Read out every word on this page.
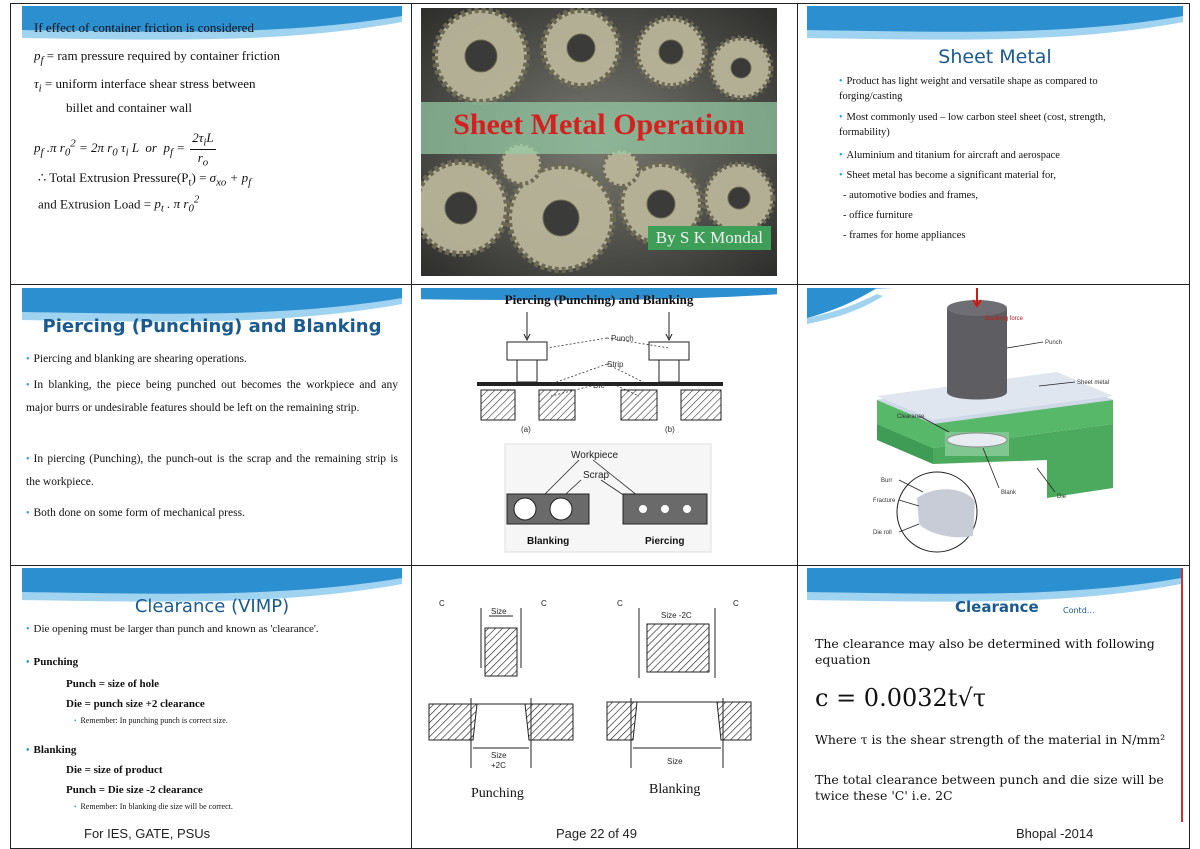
If effect of container friction is considered
$p_f$ = ram pressure required by container friction
$\tau_i$ = uniform interface shear stress between
billet and container wall
$p_f$ .π $r_0^2 = 2\pi$ $r_0$ $\tau_i$ L  or  $p_f$ =
$2\tau_iL$
$r_o$
∴ Total Extrusion $Pressure(P_t) = \sigma_{xo} + p_f$
and Extrusion Load = $p_t$ . π $r_0^2$
Sheet Metal Operation
By S K Mondal
Sheet Metal
• Product has light weight and versatile shape as compared to forging/casting
• Most commonly used – low carbon steel sheet (cost, strength, formability)
• Aluminium and titanium for aircraft and aerospace
• Sheet metal has become a significant material for,
- automotive bodies and frames,
- office furniture
- frames for home appliances
Piercing (Punching) and Blanking
• Piercing and blanking are shearing operations.
• In blanking, the piece being punched out becomes the workpiece and any major burrs or undesirable features should be left on the remaining strip.
• In piercing (Punching), the punch-out is the scrap and the remaining strip is the workpiece.
• Both done on some form of mechanical press.
Piercing (Punching) and Blanking
Punch
Strip
Die
(a)	(b)
Workpiece
Scrap
Blanking	Piercing
Blanking force
Punch
Sheet metal
Clearance
Burr
Fracture
Die roll
Blank
Die
Clearance (VIMP)
• Die opening must be larger than punch and known as 'clearance'.
• Punching
Punch = size of hole
Die = punch size +2 clearance
• Remember: In punching punch is correct size.
• Blanking
Die = size of product
Punch = Die size -2 clearance
• Remember: In blanking die size will be correct.
C	C
Size
Size
+2C
C	C
Size -2C
Size
Punching	Blanking
Clearance	Contd…
The clearance may also be determined with following equation
c = 0.0032t√τ
Where τ is the shear strength of the material in N/mm²
The total clearance between punch and die size will be twice these 'C' i.e. 2C
For IES, GATE, PSUs	Page 22 of 49	Bhopal -2014
